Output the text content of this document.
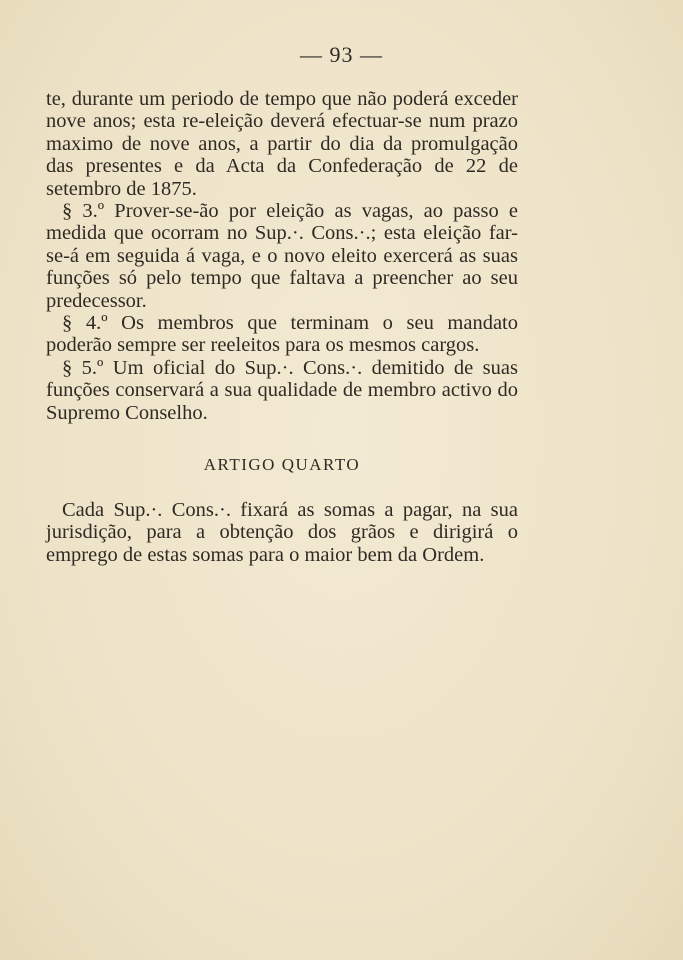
— 93 —

te, durante um periodo de tempo que não poderá exceder nove anos; esta re-eleição deverá efectuar-se num prazo maximo de nove anos, a partir do dia da promulgação das presentes e da Acta da Confederação de 22 de setembro de 1875.

§ 3.º Prover-se-ão por eleição as vagas, ao passo e medida que ocorram no Sup.·. Cons.·.; esta eleição far-se-á em seguida á vaga, e o novo eleito exercerá as suas funções só pelo tempo que faltava a preencher ao seu predecessor.

§ 4.º Os membros que terminam o seu mandato poderão sempre ser reeleitos para os mesmos cargos.

§ 5.º Um oficial do Sup.·. Cons.·. demitido de suas funções conservará a sua qualidade de membro activo do Supremo Conselho.

ARTIGO QUARTO

Cada Sup.·. Cons.·. fixará as somas a pagar, na sua jurisdição, para a obtenção dos grãos e dirigirá o emprego de estas somas para o maior bem da Ordem.
